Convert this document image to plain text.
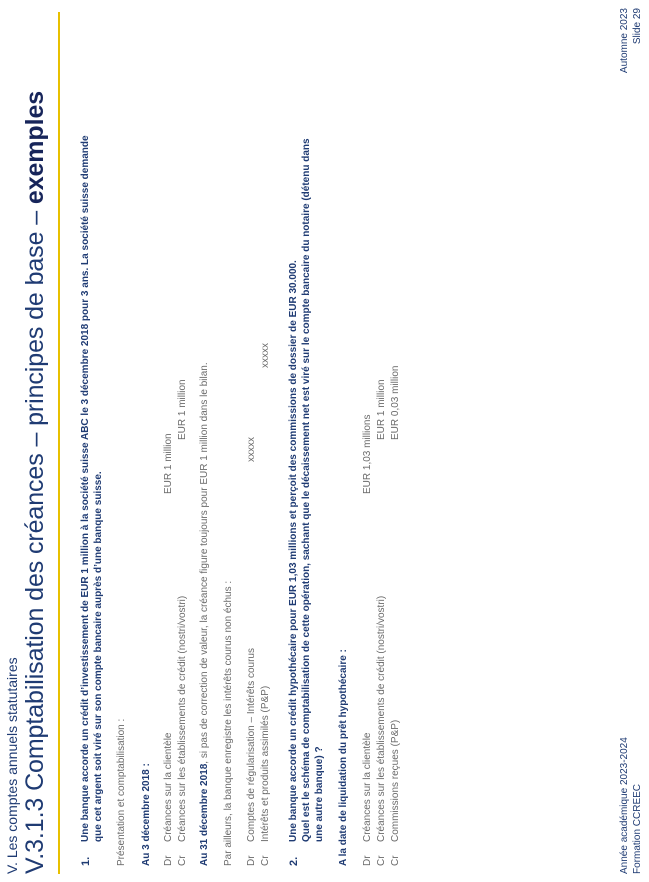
V. Les comptes annuels statutaires V.3.1.3 Comptabilisation des créances – principes de base – exemples
1.
Une banque accorde un crédit d’investissement de EUR 1 million à la société suisse ABC le 3 décembre 2018 pour 3 ans. La société suisse demande que cet argent soit viré sur son compte bancaire auprès d’une banque suisse. Présentation et comptabilisation : Au 3 décembre 2018 : Dr
Créances sur la clientèle
EUR 1 million
Cr
Créances sur les établissements de crédit (nostri/vostri)
EUR 1 million
Au 31 décembre 2018, si pas de correction de valeur, la créance figure toujours pour EUR 1 million dans le bilan. Par ailleurs, la banque enregistre les intérêts courus non échus : Dr
Comptes de régularisation – Intérêts courus
xxxxx
Cr
Intérêts et produits assimilés (P&P)
xxxxx
2.
Une banque accorde un crédit hypothécaire pour EUR 1,03 millions et perçoit des commissions de dossier de EUR 30.000. Quel est le schéma de comptabilisation de cette opération, sachant que le décaissement net est viré sur le compte bancaire du notaire (détenu dans une autre banque) ? A la date de liquidation du prêt hypothécaire : Dr
Créances sur la clientèle
EUR 1,03 millions
Cr
Créances sur les établissements de crédit (nostri/vostri)
EUR 1 million
Cr
Commissions reçues (P&P)
EUR 0,03 million
Année académique 2023-2024 Formation CCREEC
Automne 2023 Slide 29
